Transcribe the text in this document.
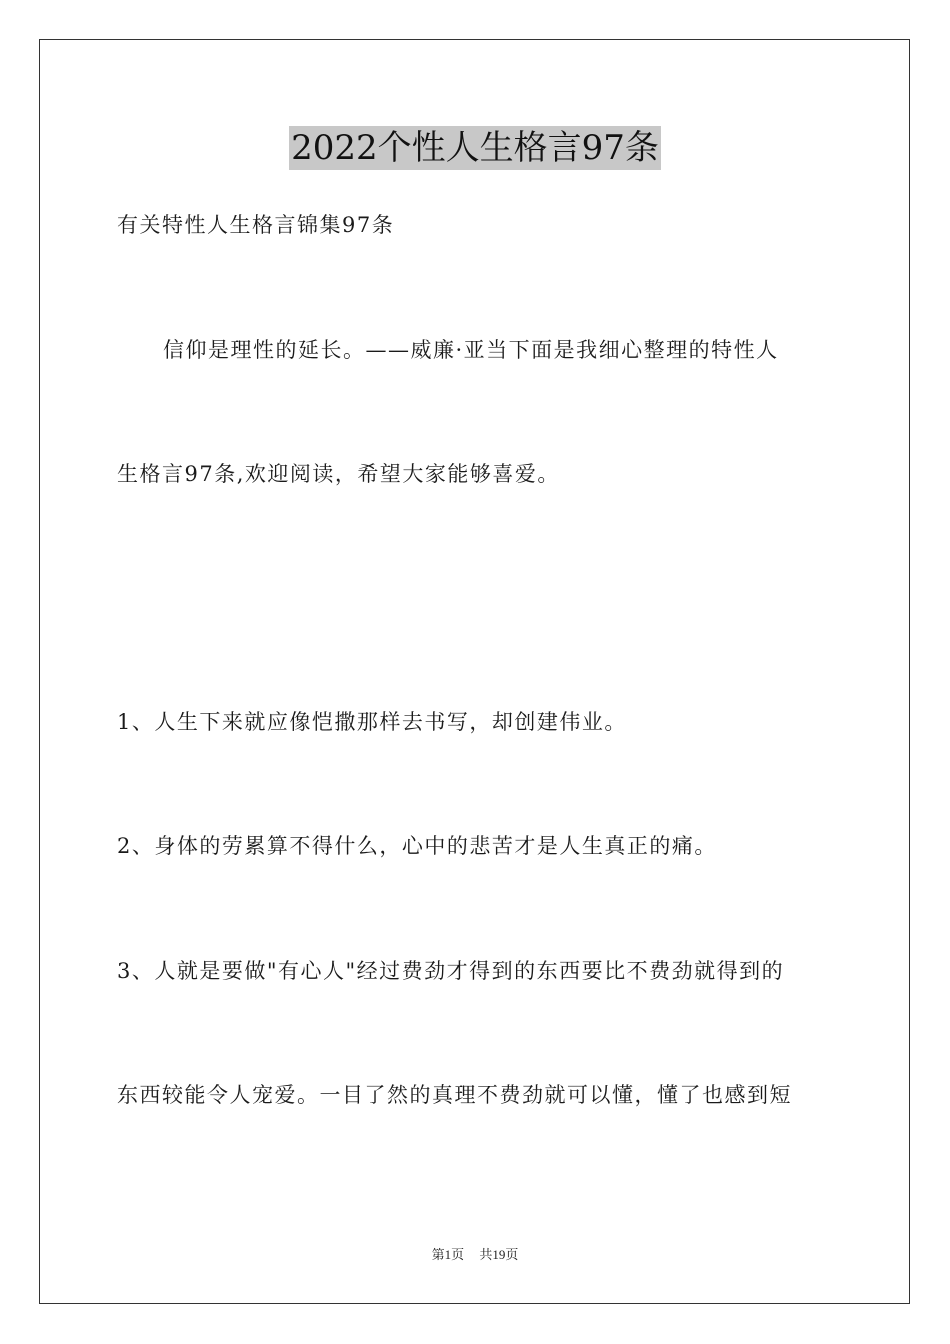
2022个性人生格言97条
有关特性人生格言锦集97条
信仰是理性的延长。——威廉·亚当下面是我细心整理的特性人
生格言97条,欢迎阅读，希望大家能够喜爱。
1、人生下来就应像恺撒那样去书写，却创建伟业。
2、身体的劳累算不得什么，心中的悲苦才是人生真正的痛。
3、人就是要做"有心人"经过费劲才得到的东西要比不费劲就得到的
东西较能令人宠爱。一目了然的真理不费劲就可以懂，懂了也感到短
第1页 共19页
